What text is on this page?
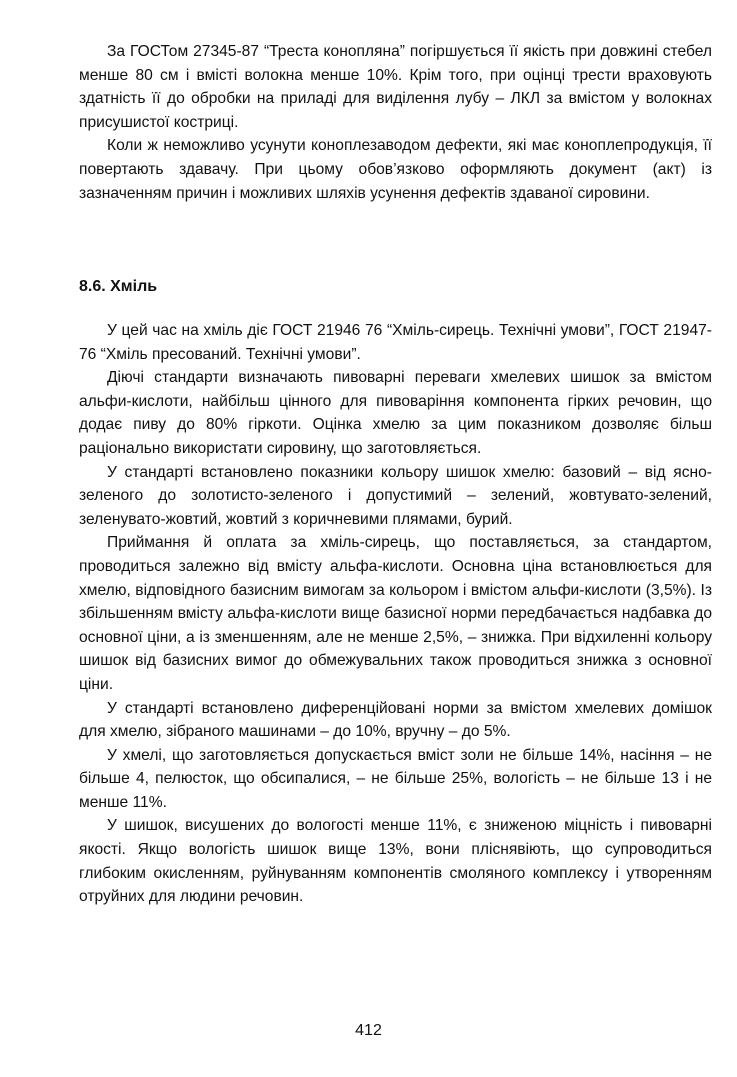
За ГОСТом 27345-87 “Треста конопляна” погіршується її якість при довжині стебел менше 80 см і вмісті волокна менше 10%. Крім того, при оцінці трести враховують здатність її до обробки на приладі для виділення лубу – ЛКЛ за вмістом у волокнах присушистої кострицi.

Коли ж неможливо усунути коноплезаводом дефекти, які має коноплепродукція, її повертають здавачу. При цьому обов’язково оформляють документ (акт) із зазначенням причин і можливих шляхів усунення дефектів здаваної сировини.

8.6. Хміль

У цей час на хміль діє ГОСТ 21946 76 “Хміль-сирець. Технічні умови”, ГОСТ 21947-76 “Хміль пресований. Технічні умови”.

Діючі стандарти визначають пивоварні переваги хмелевих шишок за вмістом альфи-кислоти, найбільш цінного для пивоваріння компонента гірких речовин, що додає пиву до 80% гіркоти. Оцінка хмелю за цим показником дозволяє більш раціонально використати сировину, що заготовляється.

У стандарті встановлено показники кольору шишок хмелю: базовий – від ясно-зеленого до золотисто-зеленого і допустимий – зелений, жовтувато-зелений, зеленувато-жовтий, жовтий з коричневими плямами, бурий.

Приймання й оплата за хміль-сирець, що поставляється, за стандартом, проводиться залежно від вмісту альфа-кислоти. Основна ціна встановлюється для хмелю, відповідного базисним вимогам за кольором і вмістом альфи-кислоти (3,5%). Із збільшенням вмісту альфа-кислоти вище базисної норми передбачається надбавка до основної ціни, а із зменшенням, але не менше 2,5%, – знижка. При відхиленні кольору шишок від базисних вимог до обмежувальних також проводиться знижка з основної ціни.

У стандарті встановлено диференційовані норми за вмістом хмелевих домішок для хмелю, зібраного машинами – до 10%, вручну – до 5%.

У хмелі, що заготовляється допускається вміст золи не більше 14%, насіння – не більше 4, пелюсток, що обсипалися, – не більше 25%, вологість – не більше 13 і не менше 11%.

У шишок, висушених до вологості менше 11%, є зниженою міцність і пивоварні якості. Якщо вологість шишок вище 13%, вони пліснявіють, що супроводиться глибоким окисленням, руйнуванням компонентів смоляного комплексу і утворенням отруйних для людини речовин.

412
